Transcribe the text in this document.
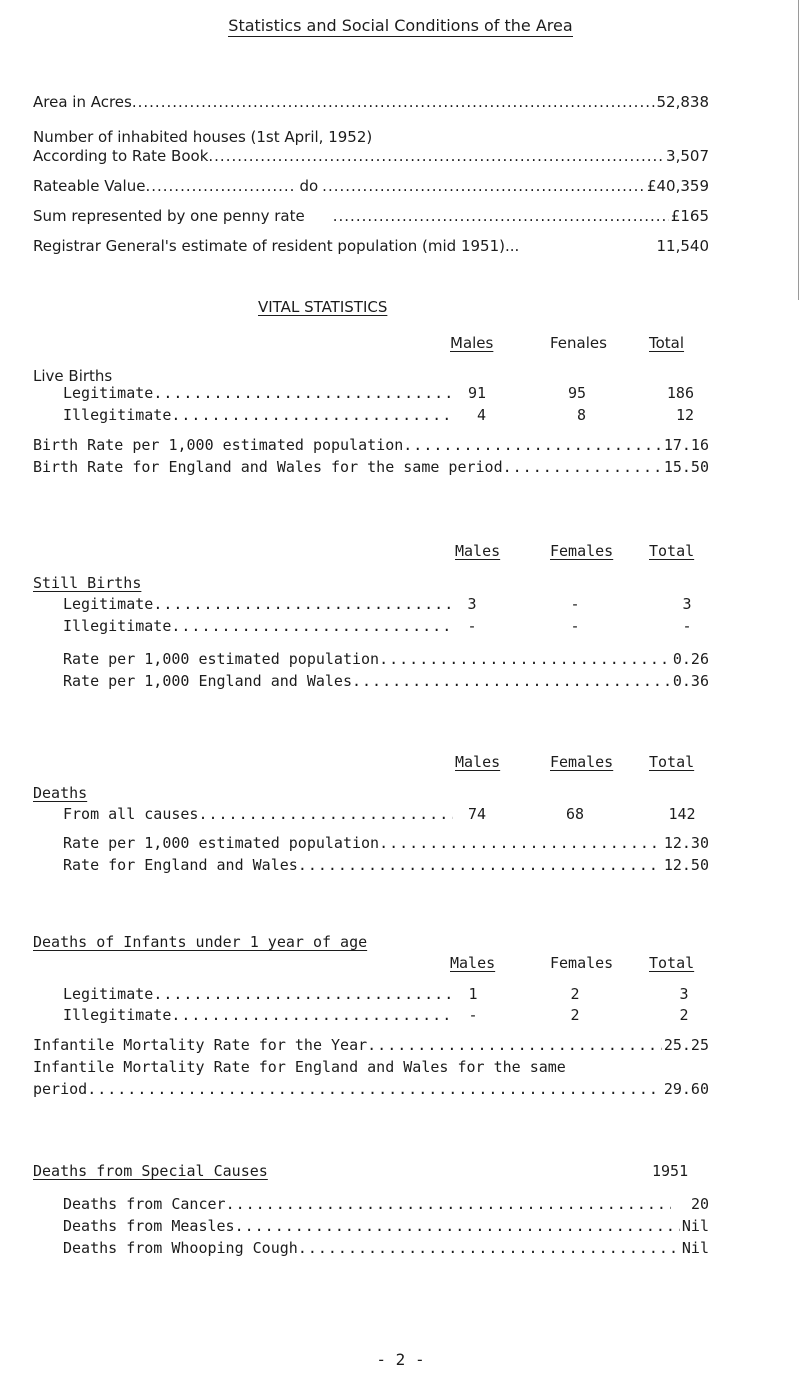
Statistics and Social Conditions of the Area
Area in Acres .....	52,838
Number of inhabited houses (1st April, 1952)
According to Rate Book .....	3,507
Rateable Value .....	do .....	£40,359
Sum represented by one penny rate .....	£165
Registrar General's estimate of resident population (mid 1951).. .....	11,540
VITAL STATISTICS
Males	Fenales	Total
Live Births
Legitimate .....	91	95	186
Illegitimate .....	4	8	12
Birth Rate per 1,000 estimated population .....	17.16
Birth Rate for England and Wales for the same period .....	15.50
Males	Females Total
Still Births
Legitimate .....	3	-	3
Illegitimate .....	-	-	-
Rate per 1,000 estimated population .....	0.26
Rate per 1,000 England and Wales .....	0.36
Males	Females Total
Deaths
From all causes .....	74	68	142
Rate per 1,000 estimated population .....	12.30
Rate for England and Wales .....	12.50
Deaths of Infants under 1 year of age
Males	Females Total
Legitimate .....	1	2	3
Illegitimate .....	-	2	2
Infantile Mortality Rate for the Year .....	25.25
Infantile Mortality Rate for England and Wales for the same
period .....	29.60
Deaths from Special Causes	1951
Deaths from Cancer .....	20
Deaths from Measles .....	Nil
Deaths from Whooping Cough .....	Nil
- 2 -
